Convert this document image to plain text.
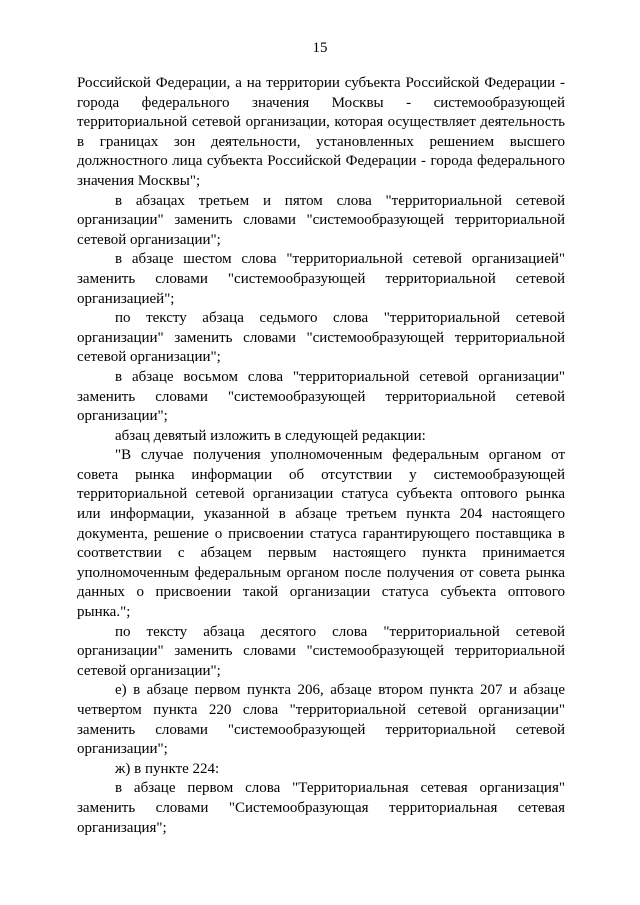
15

Российской Федерации, а на территории субъекта Российской Федерации - города федерального значения Москвы - системообразующей территориальной сетевой организации, которая осуществляет деятельность в границах зон деятельности, установленных решением высшего должностного лица субъекта Российской Федерации - города федерального значения Москвы";

в абзацах третьем и пятом слова "территориальной сетевой организации" заменить словами "системообразующей территориальной сетевой организации";

в абзаце шестом слова "территориальной сетевой организацией" заменить словами "системообразующей территориальной сетевой организацией";

по тексту абзаца седьмого слова "территориальной сетевой организации" заменить словами "системообразующей территориальной сетевой организации";

в абзаце восьмом слова "территориальной сетевой организации" заменить словами "системообразующей территориальной сетевой организации";

абзац девятый изложить в следующей редакции:

"В случае получения уполномоченным федеральным органом от совета рынка информации об отсутствии у системообразующей территориальной сетевой организации статуса субъекта оптового рынка или информации, указанной в абзаце третьем пункта 204 настоящего документа, решение о присвоении статуса гарантирующего поставщика в соответствии с абзацем первым настоящего пункта принимается уполномоченным федеральным органом после получения от совета рынка данных о присвоении такой организации статуса субъекта оптового рынка.";

по тексту абзаца десятого слова "территориальной сетевой организации" заменить словами "системообразующей территориальной сетевой организации";

е) в абзаце первом пункта 206, абзаце втором пункта 207 и абзаце четвертом пункта 220 слова "территориальной сетевой организации" заменить словами "системообразующей территориальной сетевой организации";

ж) в пункте 224:

в абзаце первом слова "Территориальная сетевая организация" заменить словами "Системообразующая территориальная сетевая организация";
